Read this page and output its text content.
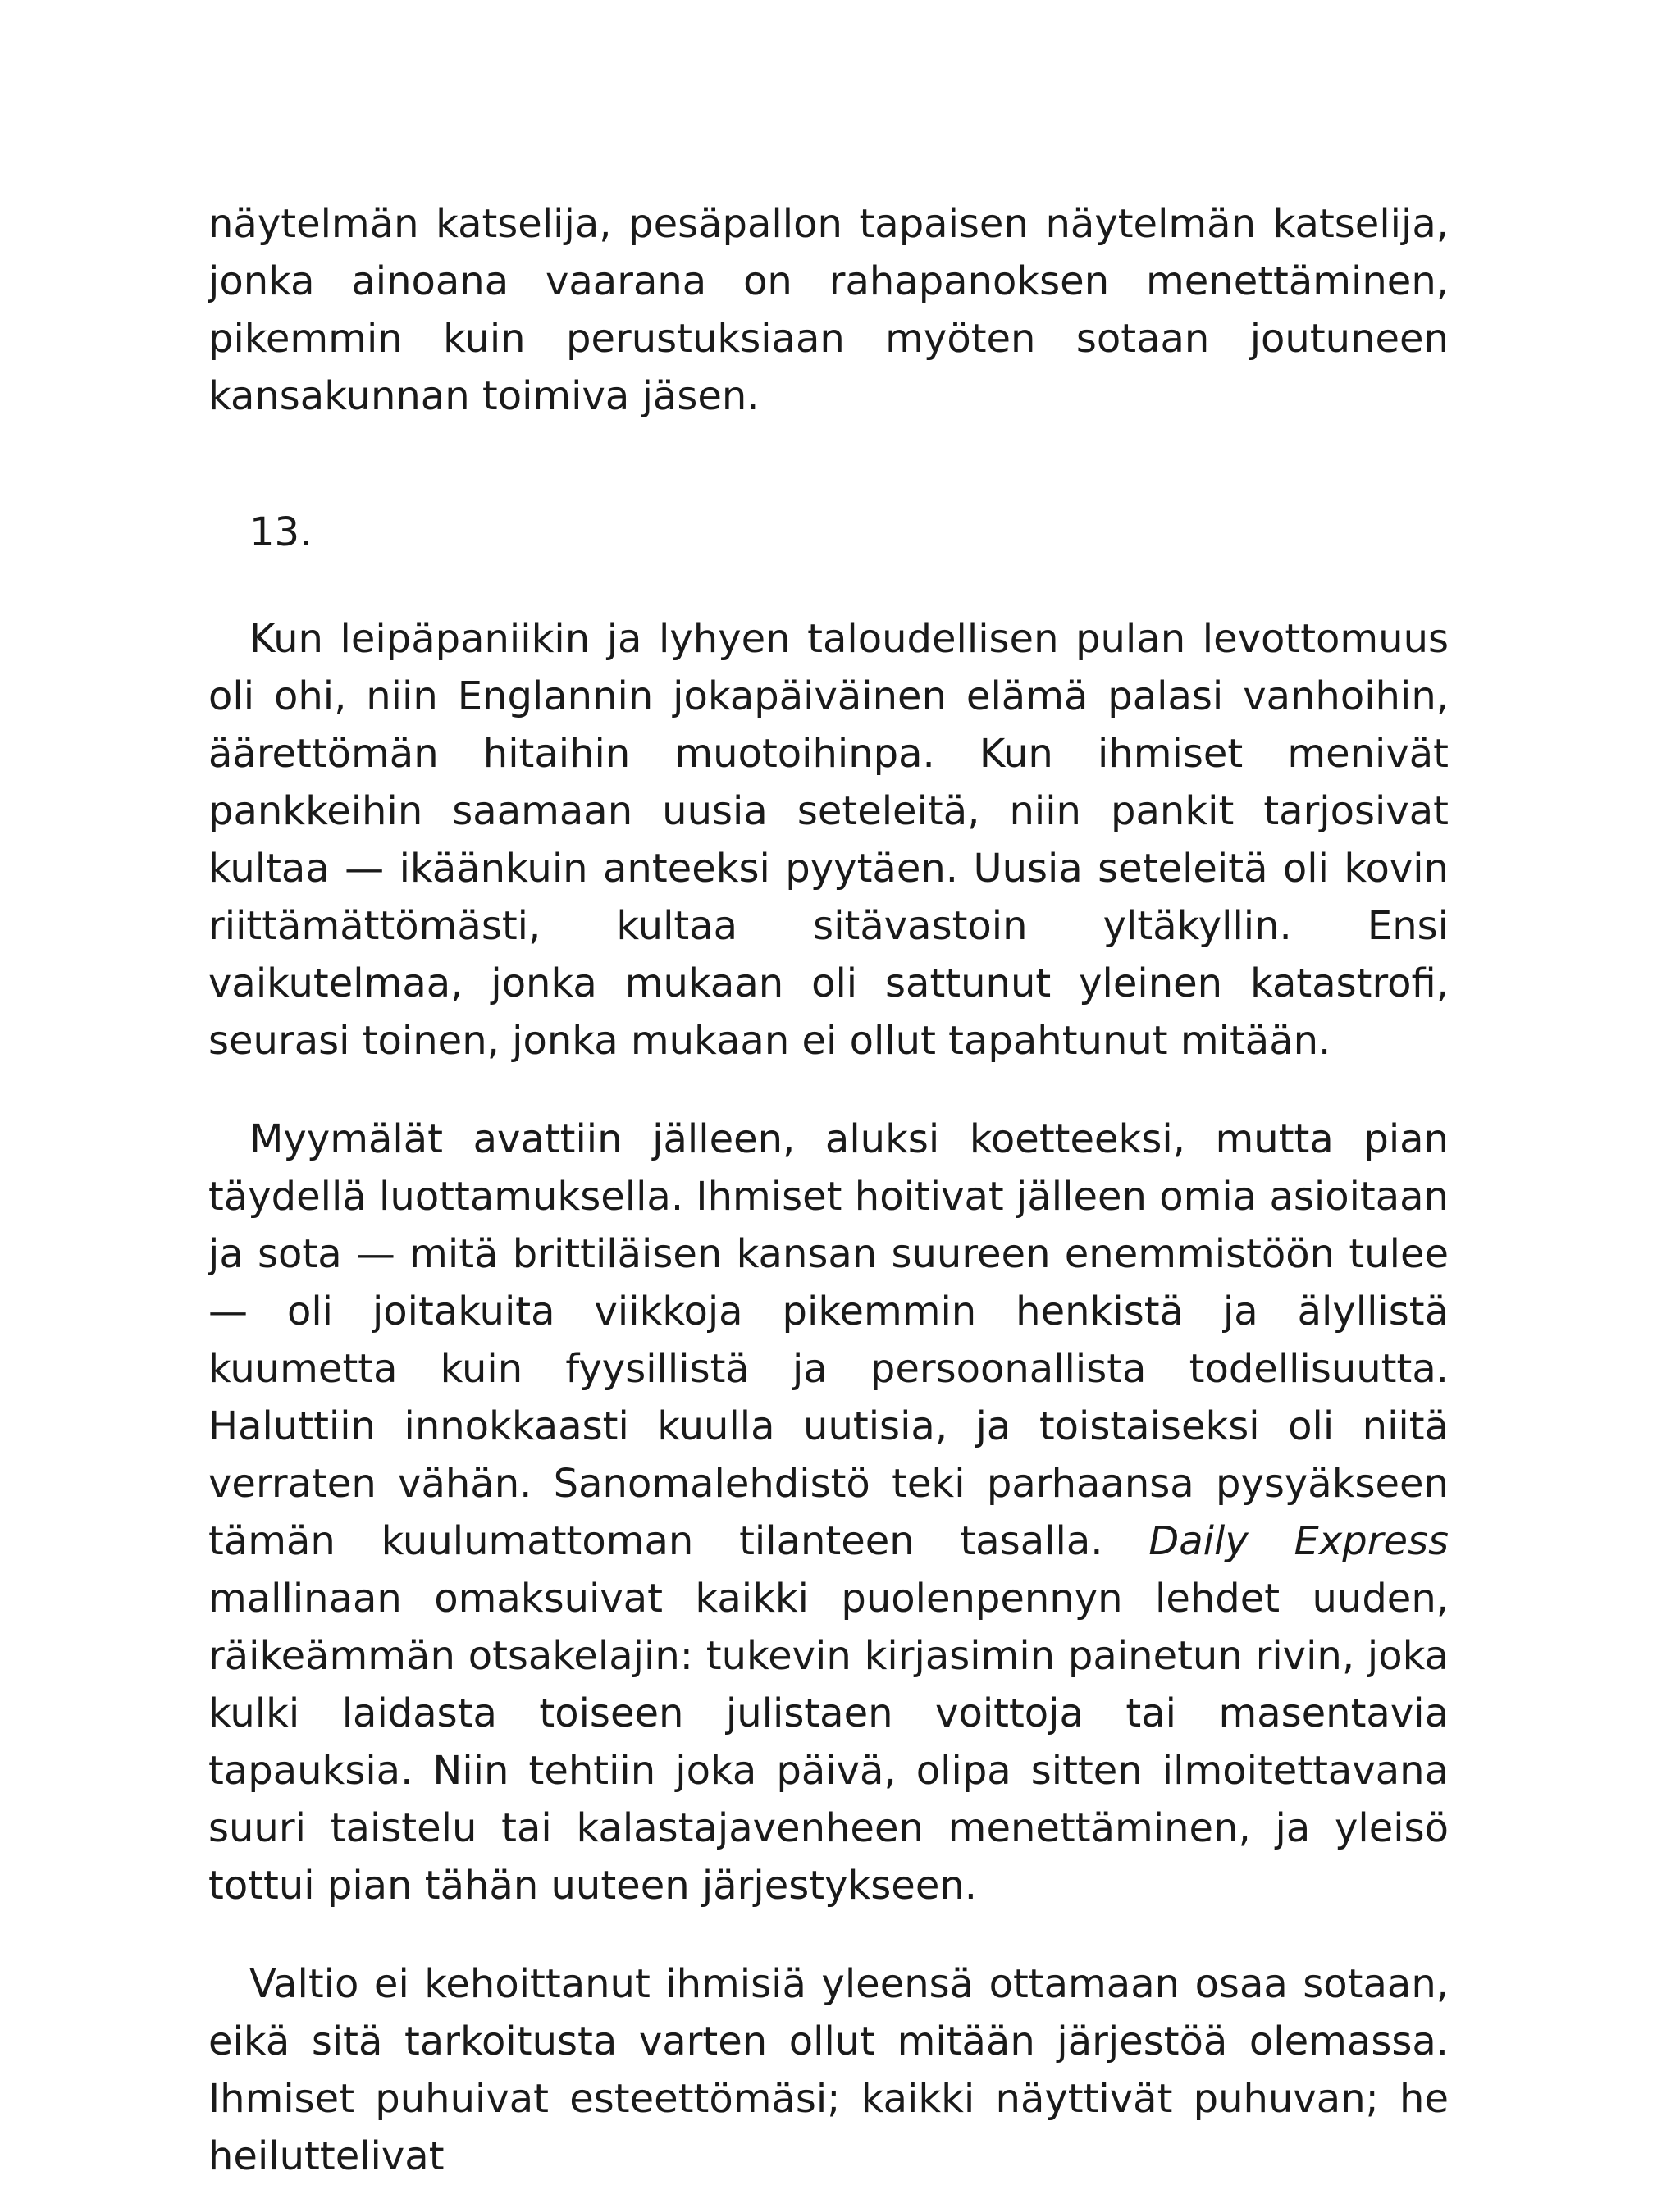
näytelmän katselija, pesäpallon tapaisen näytelmän katselija, jonka ainoana vaarana on rahapanoksen menettäminen, pikemmin kuin perustuksiaan myöten sotaan joutuneen kansakunnan toimiva jäsen.

13.

Kun leipäpaniikin ja lyhyen taloudellisen pulan levottomuus oli ohi, niin Englannin jokapäiväinen elämä palasi vanhoihin, äärettömän hitaihin muotoihinpa. Kun ihmiset menivät pankkeihin saamaan uusia seteleitä, niin pankit tarjosivat kultaa — ikäänkuin anteeksi pyytäen. Uusia seteleitä oli kovin riittämättömästi, kultaa sitävastoin yltäkyllin. Ensi vaikutelmaa, jonka mukaan oli sattunut yleinen katastrofi, seurasi toinen, jonka mukaan ei ollut tapahtunut mitään.

Myymälät avattiin jälleen, aluksi koetteeksi, mutta pian täydellä luottamuksella. Ihmiset hoitivat jälleen omia asioitaan ja sota — mitä brittiläisen kansan suureen enemmistöön tulee — oli joitakuita viikkoja pikemmin henkistä ja älyllistä kuumetta kuin fyysillistä ja persoonallista todellisuutta. Haluttiin innokkaasti kuulla uutisia, ja toistaiseksi oli niitä verraten vähän. Sanomalehdistö teki parhaansa pysyäkseen tämän kuulumattoman tilanteen tasalla. Daily Express mallinaan omaksuivat kaikki puolenpennyn lehdet uuden, räikeämmän otsakelajin: tukevin kirjasimin painetun rivin, joka kulki laidasta toiseen julistaen voittoja tai masentavia tapauksia. Niin tehtiin joka päivä, olipa sitten ilmoitettavana suuri taistelu tai kalastajavenheen menettäminen, ja yleisö tottui pian tähän uuteen järjestykseen.

Valtio ei kehoittanut ihmisiä yleensä ottamaan osaa sotaan, eikä sitä tarkoitusta varten ollut mitään järjestöä olemassa. Ihmiset puhuivat esteettömäsi; kaikki näyttivät puhuvan; he heiluttelivat
